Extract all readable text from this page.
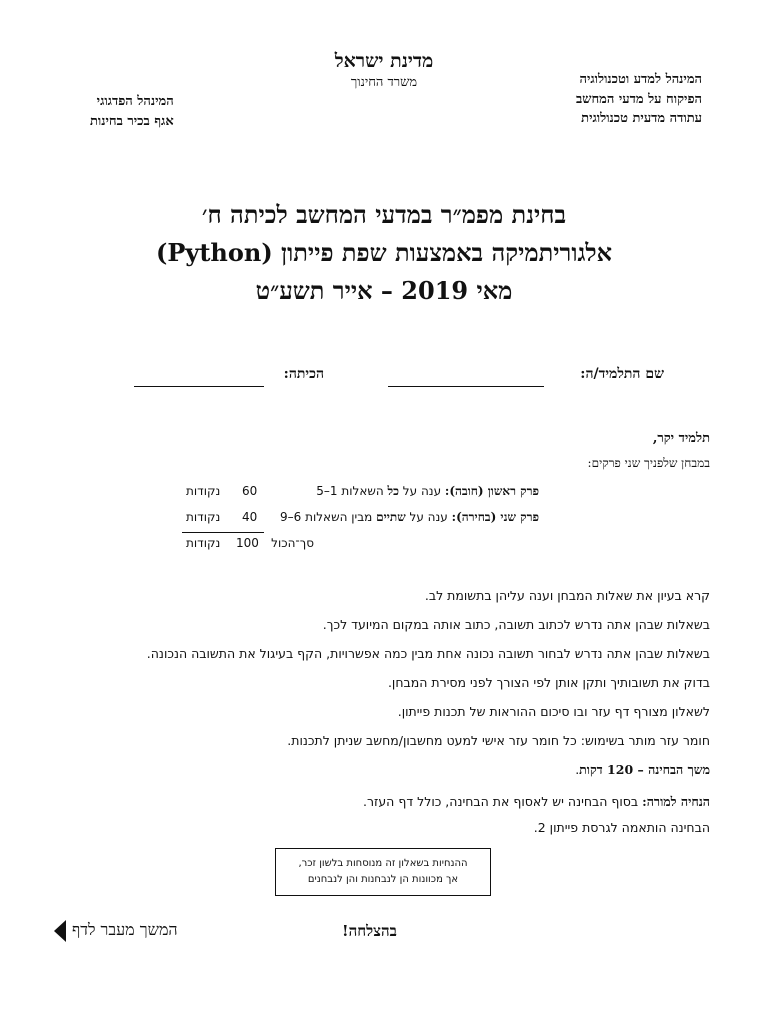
מדינת ישראל
משרד החינוך	המינהל למדע וטכנולוגיה
הפיקוח על מדעי המחשב
עתודה מדעית טכנולוגית
המינהל הפדגוגי
אגף בכיר בחינות
בחינת מפמ״ר במדעי המחשב לכיתה ח׳
אלגוריתמיקה באמצעות שפת פייתון (Python)
מאי 2019 – אייר תשע״ט
שם התלמיד/ה:
הכיתה:
תלמיד יקר,
במבחן שלפניך שני פרקים:
פרק ראשון (חובה): ענה על כל השאלות 1–5
60
נקודות
פרק שני (בחירה): ענה על שתיים מבין השאלות 6–9
40
נקודות
סך־הכול
100
נקודות
קרא בעיון את שאלות המבחן וענה עליהן בתשומת לב.
בשאלות שבהן אתה נדרש לכתוב תשובה, כתוב אותה במקום המיועד לכך.
בשאלות שבהן אתה נדרש לבחור תשובה נכונה אחת מבין כמה אפשרויות, הקף בעיגול את התשובה הנכונה.
בדוק את תשובותיך ותקן אותן לפי הצורך לפני מסירת המבחן.
לשאלון מצורף דף עזר ובו סיכום ההוראות של תכנות פייתון.
חומר עזר מותר בשימוש: כל חומר עזר אישי למעט מחשבון/מחשב שניתן לתכנות.
משך הבחינה – 120 דקות.
הנחיה למורה: בסוף הבחינה יש לאסוף את הבחינה, כולל דף העזר.
הבחינה הותאמה לגרסת פייתון 2.
ההנחיות בשאלון זה מנוסחות בלשון זכר,
אך מכוונות הן לנבחנות והן לנבחנים
בהצלחה!
המשך מעבר לדף
